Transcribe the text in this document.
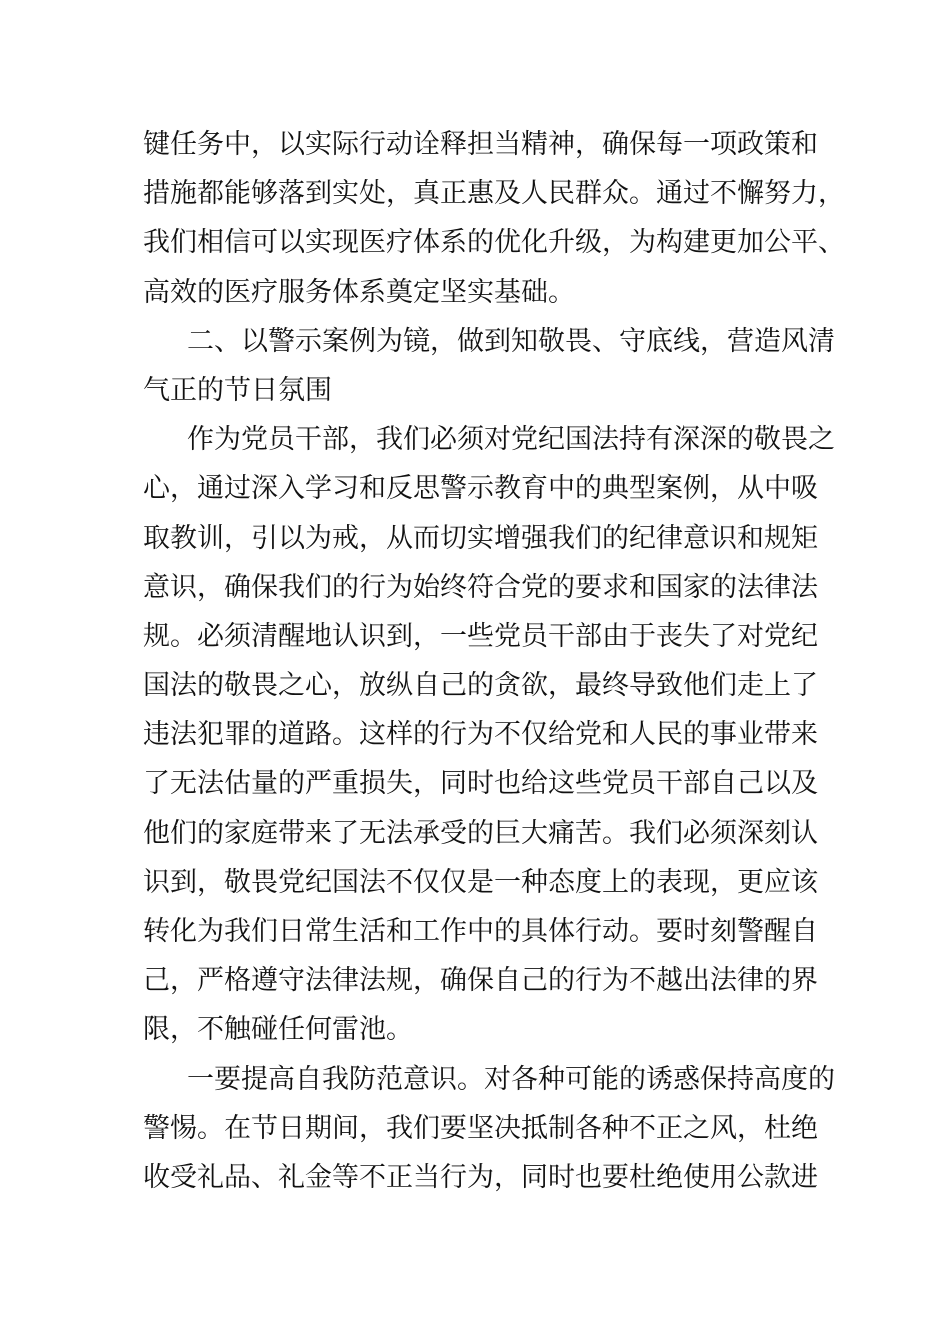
键任务中，以实际行动诠释担当精神，确保每一项政策和
措施都能够落到实处，真正惠及人民群众。通过不懈努力，
我们相信可以实现医疗体系的优化升级，为构建更加公平、
高效的医疗服务体系奠定坚实基础。
二、以警示案例为镜，做到知敬畏、守底线，营造风清
气正的节日氛围
作为党员干部，我们必须对党纪国法持有深深的敬畏之
心，通过深入学习和反思警示教育中的典型案例，从中吸
取教训，引以为戒，从而切实增强我们的纪律意识和规矩
意识，确保我们的行为始终符合党的要求和国家的法律法
规。必须清醒地认识到，一些党员干部由于丧失了对党纪
国法的敬畏之心，放纵自己的贪欲，最终导致他们走上了
违法犯罪的道路。这样的行为不仅给党和人民的事业带来
了无法估量的严重损失，同时也给这些党员干部自己以及
他们的家庭带来了无法承受的巨大痛苦。我们必须深刻认
识到，敬畏党纪国法不仅仅是一种态度上的表现，更应该
转化为我们日常生活和工作中的具体行动。要时刻警醒自
己，严格遵守法律法规，确保自己的行为不越出法律的界
限，不触碰任何雷池。
一要提高自我防范意识。对各种可能的诱惑保持高度的
警惕。在节日期间，我们要坚决抵制各种不正之风，杜绝
收受礼品、礼金等不正当行为，同时也要杜绝使用公款进
